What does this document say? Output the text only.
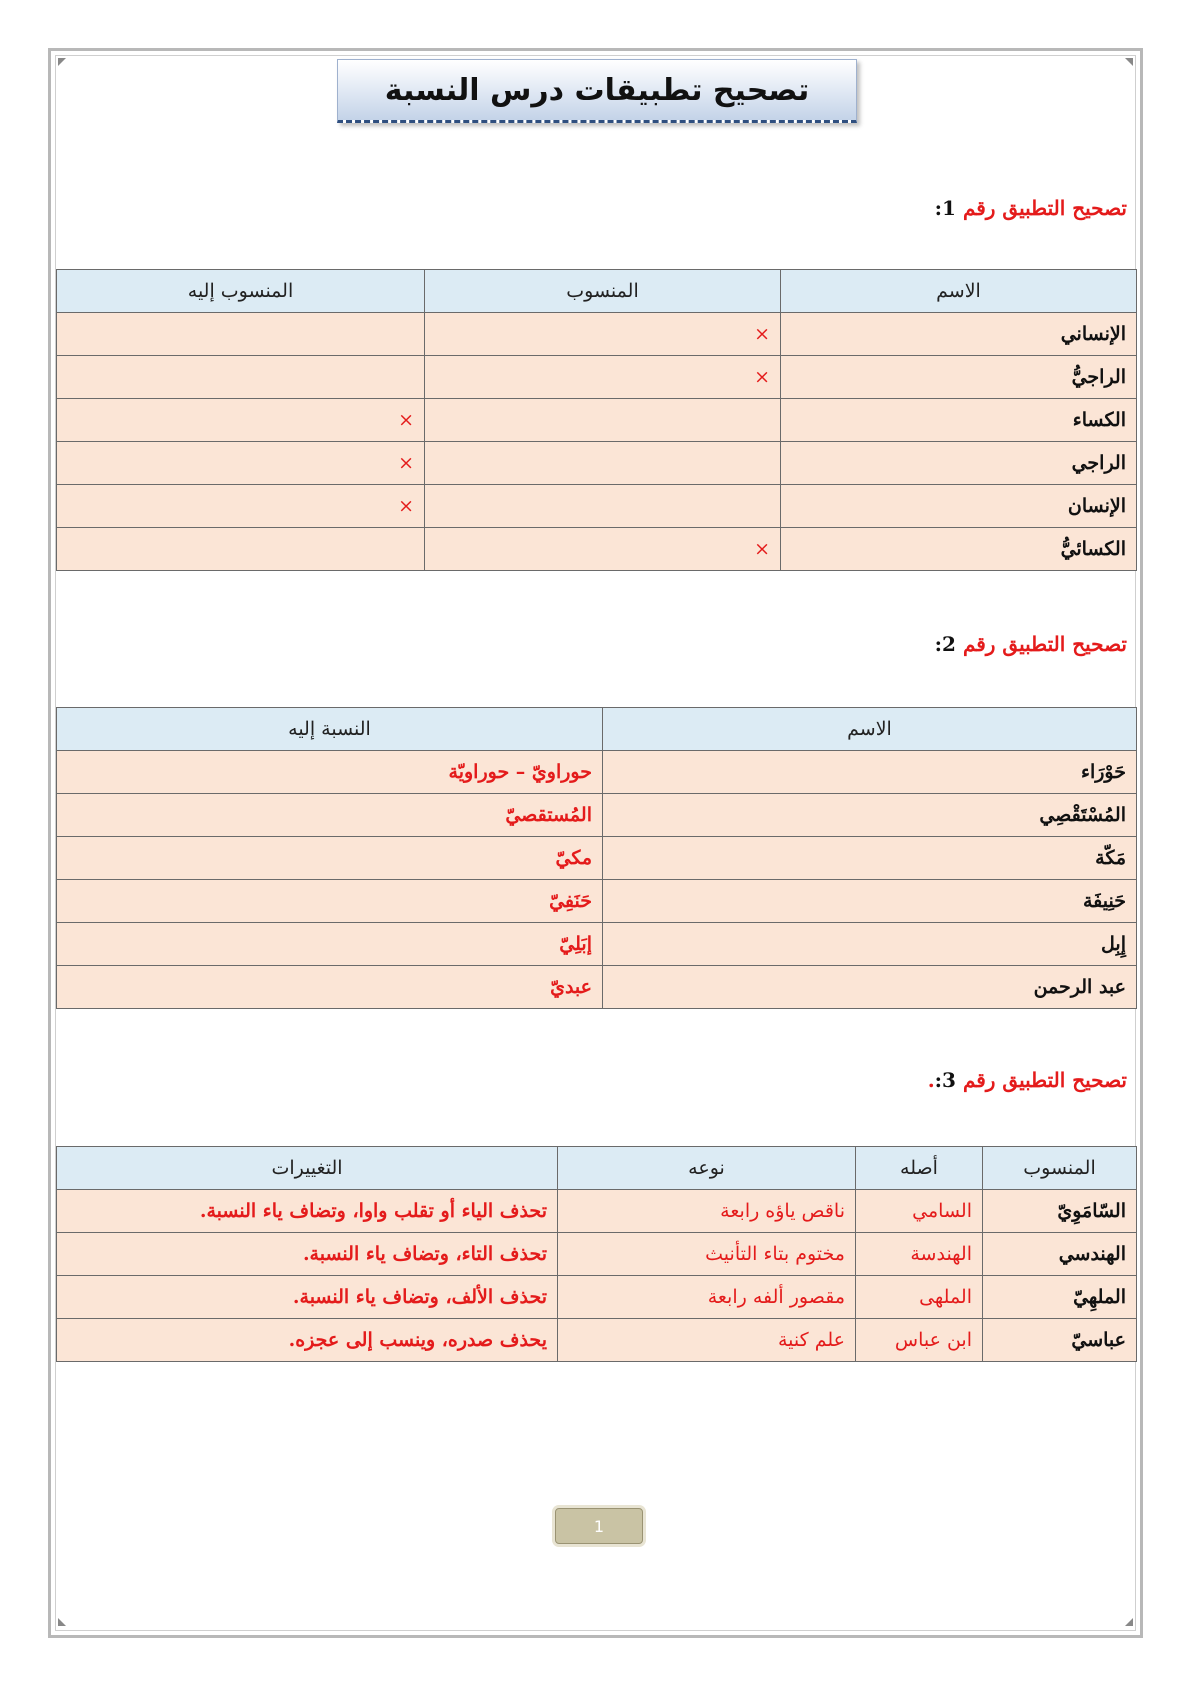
تصحيح تطبيقات درس النسبة
تصحيح التطبيق رقم 1:
الاسم	المنسوب	المنسوب إليه
الإنساني	×	
الراجيُّ	×	
الكساء		×
الراجي		×
الإنسان		×
الكسائيُّ	×	
تصحيح التطبيق رقم 2:
الاسم	النسبة إليه
حَوْرَاء	حوراويّ – حوراويّة
المُسْتَقْصِي	المُستقصيّ
مَكّة	مكيّ
حَنِيفَة	حَنَفِيّ
إِبِل	إبَلِيّ
عبد الرحمن	عبديّ
تصحيح التطبيق رقم 3:.
المنسوب	أصله	نوعه	التغييرات
السّامَوِيّ	السامي	ناقص ياؤه رابعة	تحذف الياء أو تقلب واوا، وتضاف ياء النسبة.
الهندسي	الهندسة	مختوم بتاء التأنيث	تحذف التاء، وتضاف ياء النسبة.
الملهِيّ	الملهى	مقصور ألفه رابعة	تحذف الألف، وتضاف ياء النسبة.
عباسيّ	ابن عباس	علم كنية	يحذف صدره، وينسب إلى عجزه.
1
